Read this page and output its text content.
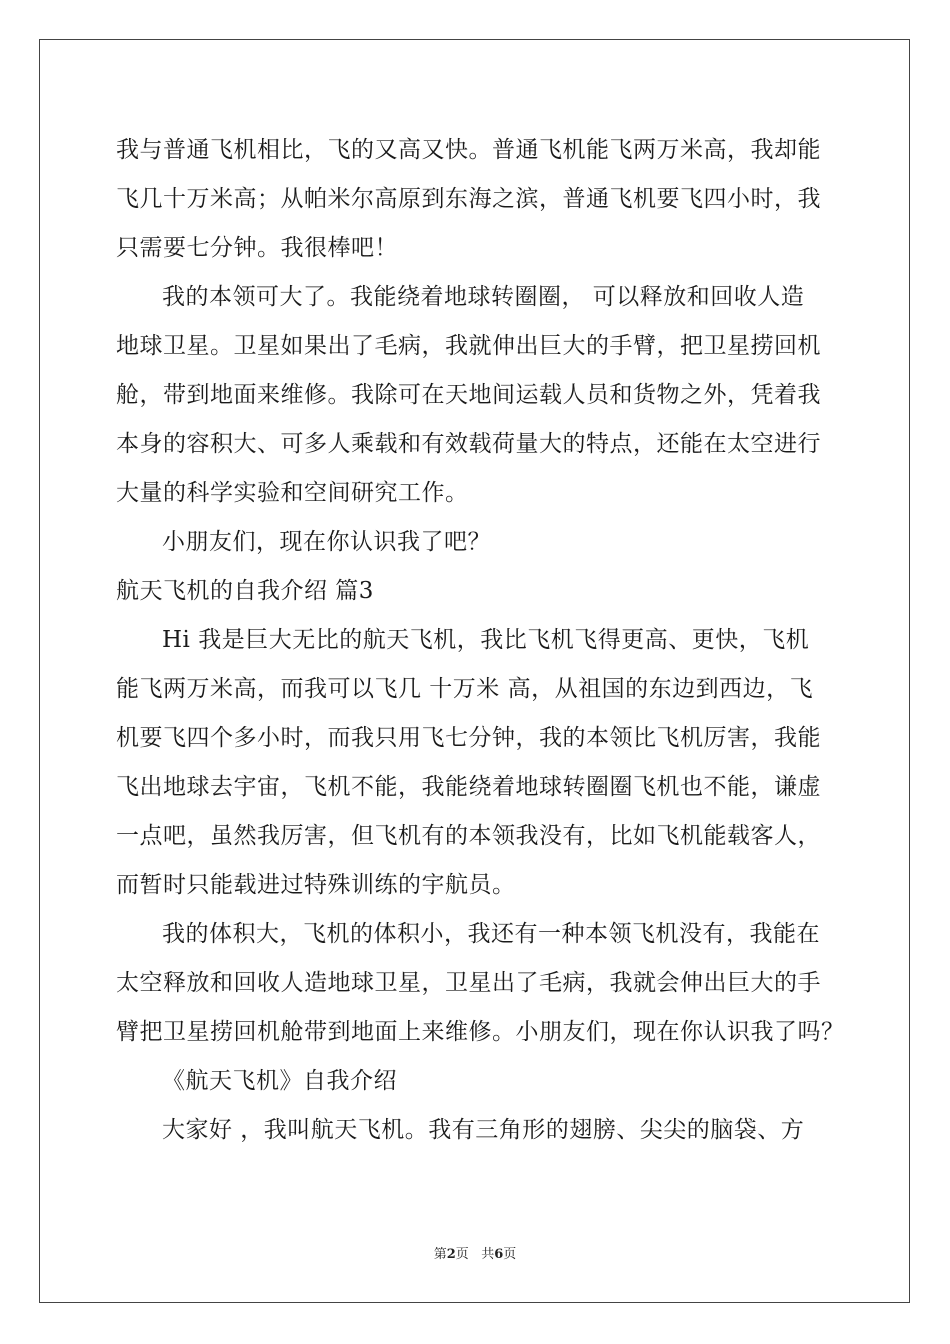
我与普通飞机相比，飞的又高又快。普通飞机能飞两万米高，我却能
飞几十万米高；从帕米尔高原到东海之滨，普通飞机要飞四小时，我
只需要七分钟。我很棒吧！
我的本领可大了。我能绕着地球转圈圈， 可以释放和回收人造
地球卫星。卫星如果出了毛病，我就伸出巨大的手臂，把卫星捞回机
舱，带到地面来维修。我除可在天地间运载人员和货物之外，凭着我
本身的容积大、可多人乘载和有效载荷量大的特点，还能在太空进行
大量的科学实验和空间研究工作。
小朋友们，现在你认识我了吧？
航天飞机的自我介绍 篇3
Hi 我是巨大无比的航天飞机，我比飞机飞得更高、更快，飞机
能飞两万米高，而我可以飞几 十万米 高，从祖国的东边到西边，飞
机要飞四个多小时，而我只用飞七分钟，我的本领比飞机厉害，我能
飞出地球去宇宙，飞机不能，我能绕着地球转圈圈飞机也不能，谦虚
一点吧，虽然我厉害，但飞机有的本领我没有，比如飞机能载客人，
而暂时只能载进过特殊训练的宇航员。
我的体积大，飞机的体积小，我还有一种本领飞机没有，我能在
太空释放和回收人造地球卫星，卫星出了毛病，我就会伸出巨大的手
臂把卫星捞回机舱带到地面上来维修。小朋友们，现在你认识我了吗？
《航天飞机》自我介绍
大家好 ，我叫航天飞机。我有三角形的翅膀、尖尖的脑袋、方
第2页 共6页
